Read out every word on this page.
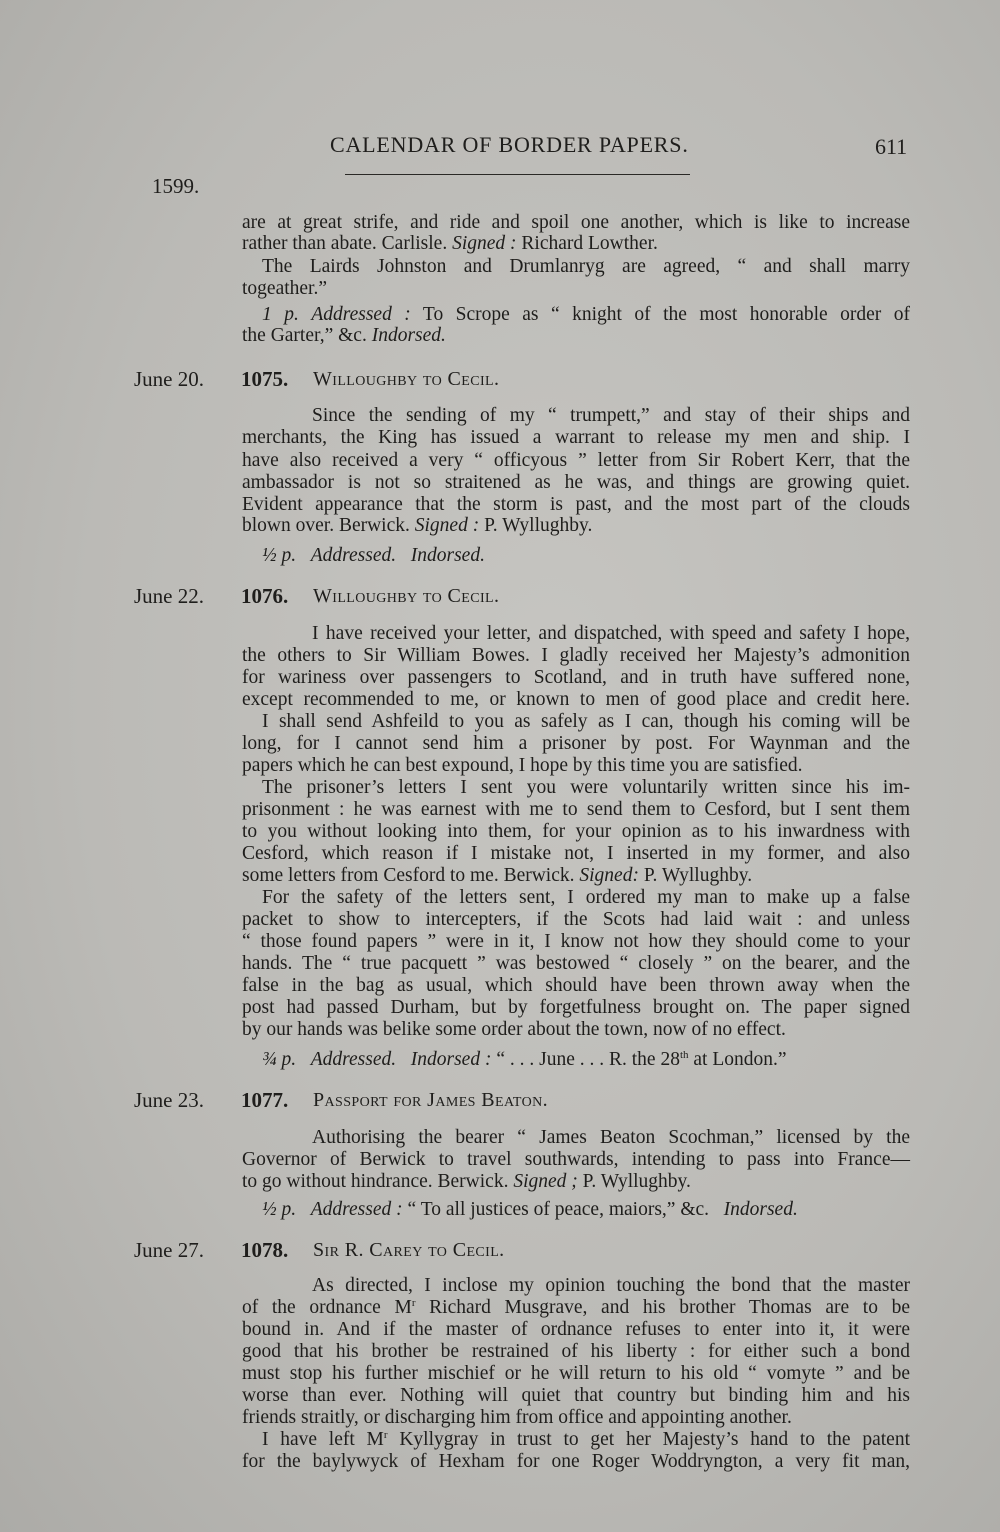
CALENDAR OF BORDER PAPERS.	611
1599.
are at great strife, and ride and spoil one another, which is like to increase
rather than abate. Carlisle. Signed : Richard Lowther.
The Lairds Johnston and Drumlanryg are agreed, “ and shall marry
togeather.”
1 p. Addressed : To Scrope as “ knight of the most honorable order of
the Garter,” &c. Indorsed.
June 20. 1075. Willoughby to Cecil.
Since the sending of my “ trumpett,” and stay of their ships and
merchants, the King has issued a warrant to release my men and ship. I
have also received a very “ officyous ” letter from Sir Robert Kerr, that the
ambassador is not so straitened as he was, and things are growing quiet.
Evident appearance that the storm is past, and the most part of the clouds
blown over. Berwick. Signed : P. Wyllughby.
½ p. Addressed. Indorsed.
June 22. 1076. Willoughby to Cecil.
I have received your letter, and dispatched, with speed and safety I hope,
the others to Sir William Bowes. I gladly received her Majesty’s admonition
for wariness over passengers to Scotland, and in truth have suffered none,
except recommended to me, or known to men of good place and credit here.
I shall send Ashfeild to you as safely as I can, though his coming will be
long, for I cannot send him a prisoner by post. For Waynman and the
papers which he can best expound, I hope by this time you are satisfied.
The prisoner’s letters I sent you were voluntarily written since his im-
prisonment : he was earnest with me to send them to Cesford, but I sent them
to you without looking into them, for your opinion as to his inwardness with
Cesford, which reason if I mistake not, I inserted in my former, and also
some letters from Cesford to me. Berwick. Signed: P. Wyllughby.
For the safety of the letters sent, I ordered my man to make up a false
packet to show to intercepters, if the Scots had laid wait : and unless
“ those found papers ” were in it, I know not how they should come to your
hands. The “ true pacquett ” was bestowed “ closely ” on the bearer, and the
false in the bag as usual, which should have been thrown away when the
post had passed Durham, but by forgetfulness brought on. The paper signed
by our hands was belike some order about the town, now of no effect.
¾ p. Addressed. Indorsed : “ . . . June . . . R. the 28th at London.”
June 23. 1077. Passport for James Beaton.
Authorising the bearer “ James Beaton Scochman,” licensed by the
Governor of Berwick to travel southwards, intending to pass into France—
to go without hindrance. Berwick. Signed ; P. Wyllughby.
½ p. Addressed : “ To all justices of peace, maiors,” &c. Indorsed.
June 27. 1078. Sir R. Carey to Cecil.
As directed, I inclose my opinion touching the bond that the master
of the ordnance $M^r$ Richard Musgrave, and his brother Thomas are to be
bound in. And if the master of ordnance refuses to enter into it, it were
good that his brother be restrained of his liberty : for either such a bond
must stop his further mischief or he will return to his old “ vomyte ” and be
worse than ever. Nothing will quiet that country but binding him and his
friends straitly, or discharging him from office and appointing another.
I have left $M^r$ Kyllygray in trust to get her Majesty’s hand to the patent
for the baylywyck of Hexham for one Roger Woddryngton, a very fit man,
